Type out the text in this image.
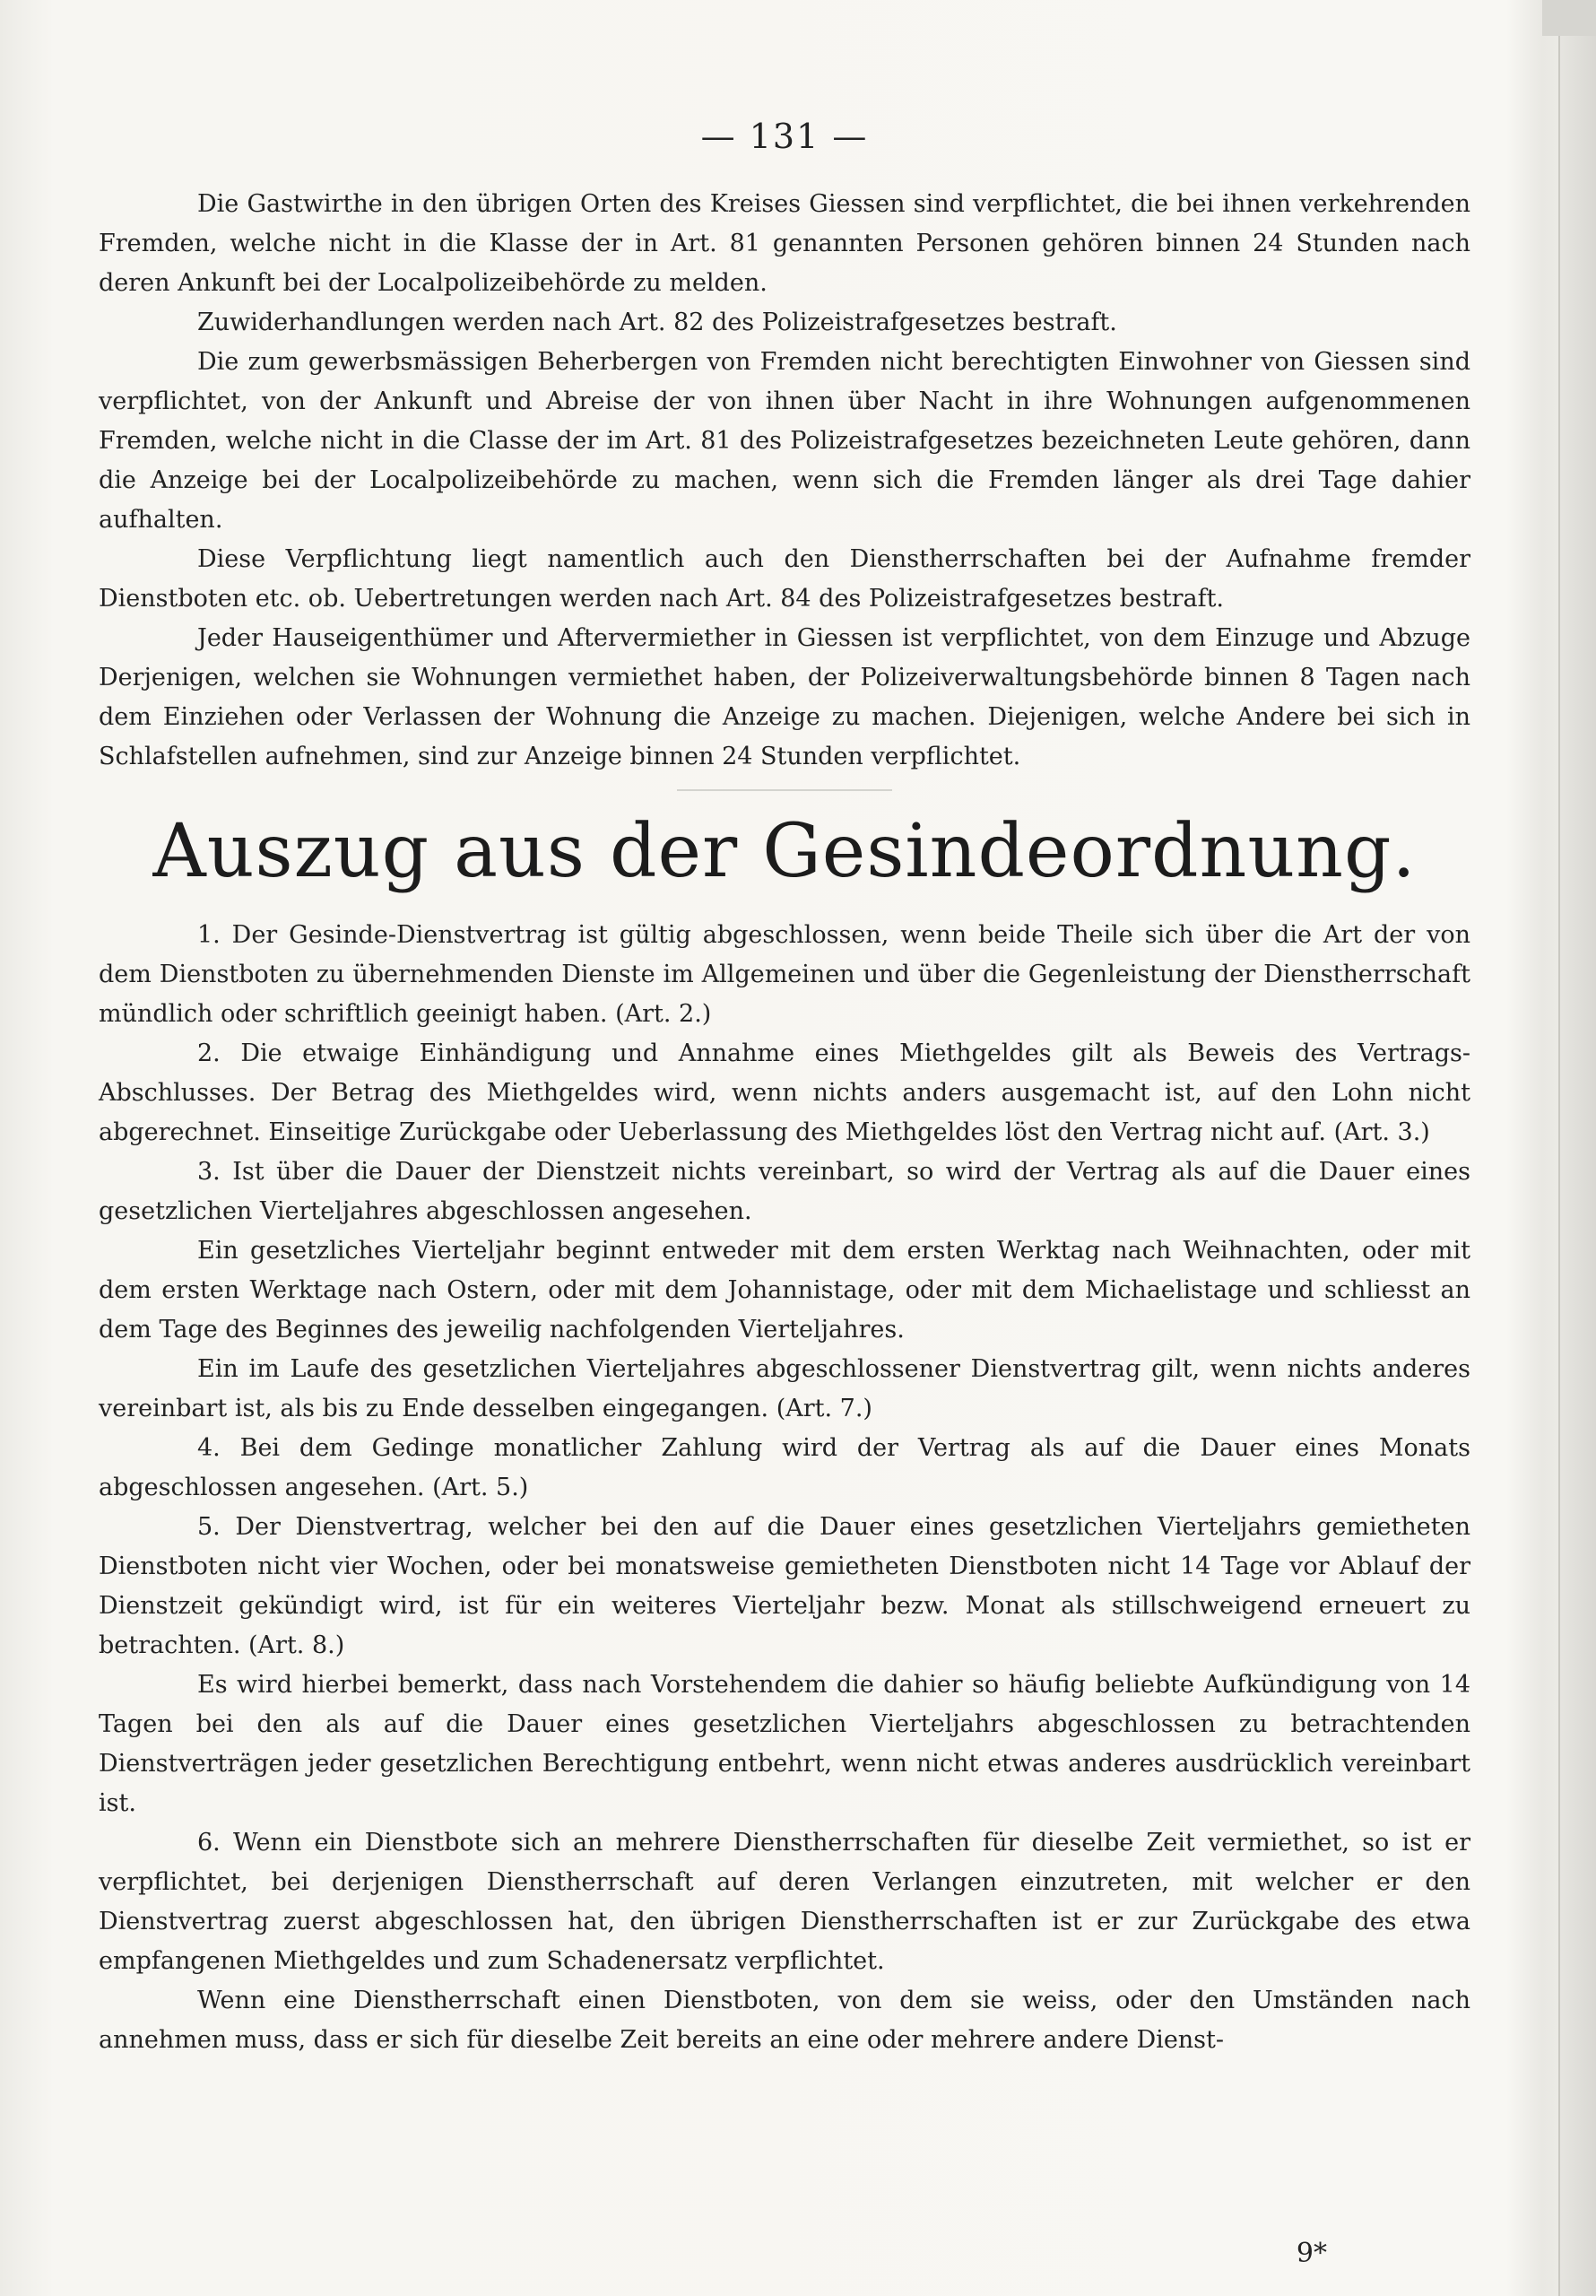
— 131 —

Die Gastwirthe in den übrigen Orten des Kreises Giessen sind verpflichtet, die bei ihnen verkehrenden Fremden, welche nicht in die Klasse der in Art. 81 genannten Personen gehören binnen 24 Stunden nach deren Ankunft bei der Localpolizeibehörde zu melden.

Zuwiderhandlungen werden nach Art. 82 des Polizeistrafgesetzes bestraft.

Die zum gewerbsmässigen Beherbergen von Fremden nicht berechtigten Einwohner von Giessen sind verpflichtet, von der Ankunft und Abreise der von ihnen über Nacht in ihre Wohnungen aufgenommenen Fremden, welche nicht in die Classe der im Art. 81 des Polizeistrafgesetzes bezeichneten Leute gehören, dann die Anzeige bei der Localpolizeibehörde zu machen, wenn sich die Fremden länger als drei Tage dahier aufhalten.

Diese Verpflichtung liegt namentlich auch den Dienstherrschaften bei der Aufnahme fremder Dienstboten etc. ob. Uebertretungen werden nach Art. 84 des Polizeistrafgesetzes bestraft.

Jeder Hauseigenthümer und Aftervermiether in Giessen ist verpflichtet, von dem Einzuge und Abzuge Derjenigen, welchen sie Wohnungen vermiethet haben, der Polizeiverwaltungsbehörde binnen 8 Tagen nach dem Einziehen oder Verlassen der Wohnung die Anzeige zu machen. Diejenigen, welche Andere bei sich in Schlafstellen aufnehmen, sind zur Anzeige binnen 24 Stunden verpflichtet.

Auszug aus der Gesindeordnung.

1. Der Gesinde-Dienstvertrag ist gültig abgeschlossen, wenn beide Theile sich über die Art der von dem Dienstboten zu übernehmenden Dienste im Allgemeinen und über die Gegenleistung der Dienstherrschaft mündlich oder schriftlich geeinigt haben. (Art. 2.)

2. Die etwaige Einhändigung und Annahme eines Miethgeldes gilt als Beweis des Vertrags-Abschlusses. Der Betrag des Miethgeldes wird, wenn nichts anders ausgemacht ist, auf den Lohn nicht abgerechnet. Einseitige Zurückgabe oder Ueberlassung des Miethgeldes löst den Vertrag nicht auf. (Art. 3.)

3. Ist über die Dauer der Dienstzeit nichts vereinbart, so wird der Vertrag als auf die Dauer eines gesetzlichen Vierteljahres abgeschlossen angesehen.

Ein gesetzliches Vierteljahr beginnt entweder mit dem ersten Werktag nach Weihnachten, oder mit dem ersten Werktage nach Ostern, oder mit dem Johannistage, oder mit dem Michaelistage und schliesst an dem Tage des Beginnes des jeweilig nachfolgenden Vierteljahres.

Ein im Laufe des gesetzlichen Vierteljahres abgeschlossener Dienstvertrag gilt, wenn nichts anderes vereinbart ist, als bis zu Ende desselben eingegangen. (Art. 7.)

4. Bei dem Gedinge monatlicher Zahlung wird der Vertrag als auf die Dauer eines Monats abgeschlossen angesehen. (Art. 5.)

5. Der Dienstvertrag, welcher bei den auf die Dauer eines gesetzlichen Vierteljahrs gemietheten Dienstboten nicht vier Wochen, oder bei monatsweise gemietheten Dienstboten nicht 14 Tage vor Ablauf der Dienstzeit gekündigt wird, ist für ein weiteres Vierteljahr bezw. Monat als stillschweigend erneuert zu betrachten. (Art. 8.)

Es wird hierbei bemerkt, dass nach Vorstehendem die dahier so häufig beliebte Aufkündigung von 14 Tagen bei den als auf die Dauer eines gesetzlichen Vierteljahrs abgeschlossen zu betrachtenden Dienstverträgen jeder gesetzlichen Berechtigung entbehrt, wenn nicht etwas anderes ausdrücklich vereinbart ist.

6. Wenn ein Dienstbote sich an mehrere Dienstherrschaften für dieselbe Zeit vermiethet, so ist er verpflichtet, bei derjenigen Dienstherrschaft auf deren Verlangen einzutreten, mit welcher er den Dienstvertrag zuerst abgeschlossen hat, den übrigen Dienstherrschaften ist er zur Zurückgabe des etwa empfangenen Miethgeldes und zum Schadenersatz verpflichtet.

Wenn eine Dienstherrschaft einen Dienstboten, von dem sie weiss, oder den Umständen nach annehmen muss, dass er sich für dieselbe Zeit bereits an eine oder mehrere andere Dienst-

9*
